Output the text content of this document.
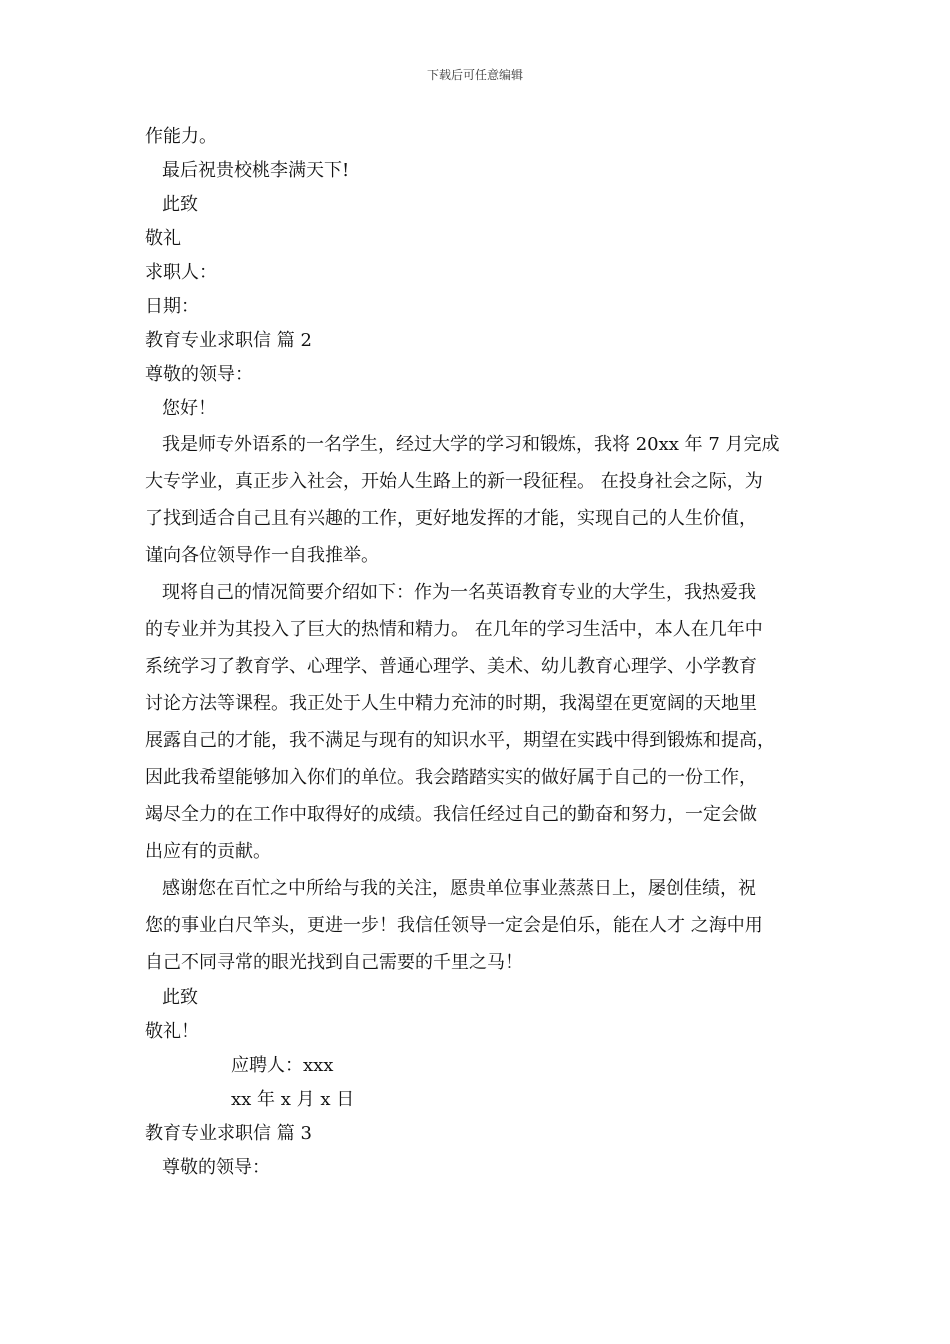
下载后可任意编辑
作能力。
最后祝贵校桃李满天下!
此致
敬礼
求职人：
日期：
教育专业求职信 篇 2
尊敬的领导：
您好！
我是师专外语系的一名学生，经过大学的学习和锻炼，我将 20xx 年 7 月完成
大专学业，真正步入社会，开始人生路上的新一段征程。 在投身社会之际，为
了找到适合自己且有兴趣的工作，更好地发挥的才能，实现自己的人生价值，
谨向各位领导作一自我推举。
现将自己的情况简要介绍如下：作为一名英语教育专业的大学生，我热爱我
的专业并为其投入了巨大的热情和精力。 在几年的学习生活中，本人在几年中
系统学习了教育学、心理学、普通心理学、美术、幼儿教育心理学、小学教育
讨论方法等课程。我正处于人生中精力充沛的时期，我渴望在更宽阔的天地里
展露自己的才能，我不满足与现有的知识水平，期望在实践中得到锻炼和提高，
因此我希望能够加入你们的单位。我会踏踏实实的做好属于自己的一份工作，
竭尽全力的在工作中取得好的成绩。我信任经过自己的勤奋和努力，一定会做
出应有的贡献。
感谢您在百忙之中所给与我的关注，愿贵单位事业蒸蒸日上，屡创佳绩，祝
您的事业白尺竿头，更进一步！我信任领导一定会是伯乐，能在人才 之海中用
自己不同寻常的眼光找到自己需要的千里之马！
此致
敬礼！
应聘人：xxx
xx 年 x 月 x 日
教育专业求职信 篇 3
尊敬的领导：
